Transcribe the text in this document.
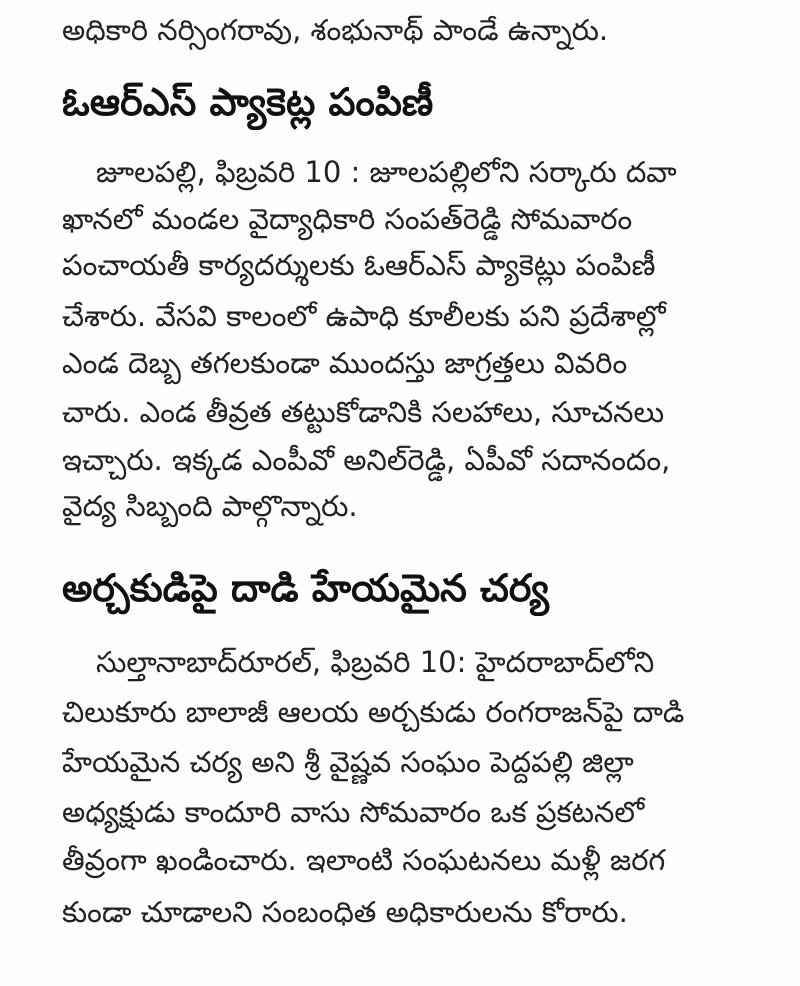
అధికారి నర్సింగరావు, శంభునాథ్ పాండే ఉన్నారు.
ఓఆర్ఎస్ ప్యాకెట్ల పంపిణీ
జూలపల్లి, ఫిబ్రవరి 10 : జూలపల్లిలోని సర్కారు దవా
ఖానలో మండల వైద్యాధికారి సంపత్‌రెడ్డి సోమవారం
పంచాయతీ కార్యదర్శులకు ఓఆర్ఎస్ ప్యాకెట్లు పంపిణీ
చేశారు. వేసవి కాలంలో ఉపాధి కూలీలకు పని ప్రదేశాల్లో
ఎండ దెబ్బ తగలకుండా ముందస్తు జాగ్రత్తలు వివరిం
చారు. ఎండ తీవ్రత తట్టుకోడానికి సలహాలు, సూచనలు
ఇచ్చారు. ఇక్కడ ఎంపీవో అనిల్‌రెడ్డి, ఏపీవో సదానందం,
వైద్య సిబ్బంది పాల్గొన్నారు.
అర్చకుడిపై దాడి హేయమైన చర్య
సుల్తానాబాద్‌రూరల్, ఫిబ్రవరి 10: హైదరాబాద్‌లోని
చిలుకూరు బాలాజీ ఆలయ అర్చకుడు రంగరాజన్‌పై దాడి
హేయమైన చర్య అని శ్రీ వైష్ణవ సంఘం పెద్దపల్లి జిల్లా
అధ్యక్షుడు కాందూరి వాసు సోమవారం ఒక ప్రకటనలో
తీవ్రంగా ఖండించారు. ఇలాంటి సంఘటనలు మళ్లీ జరగ
కుండా చూడాలని సంబంధిత అధికారులను కోరారు.
